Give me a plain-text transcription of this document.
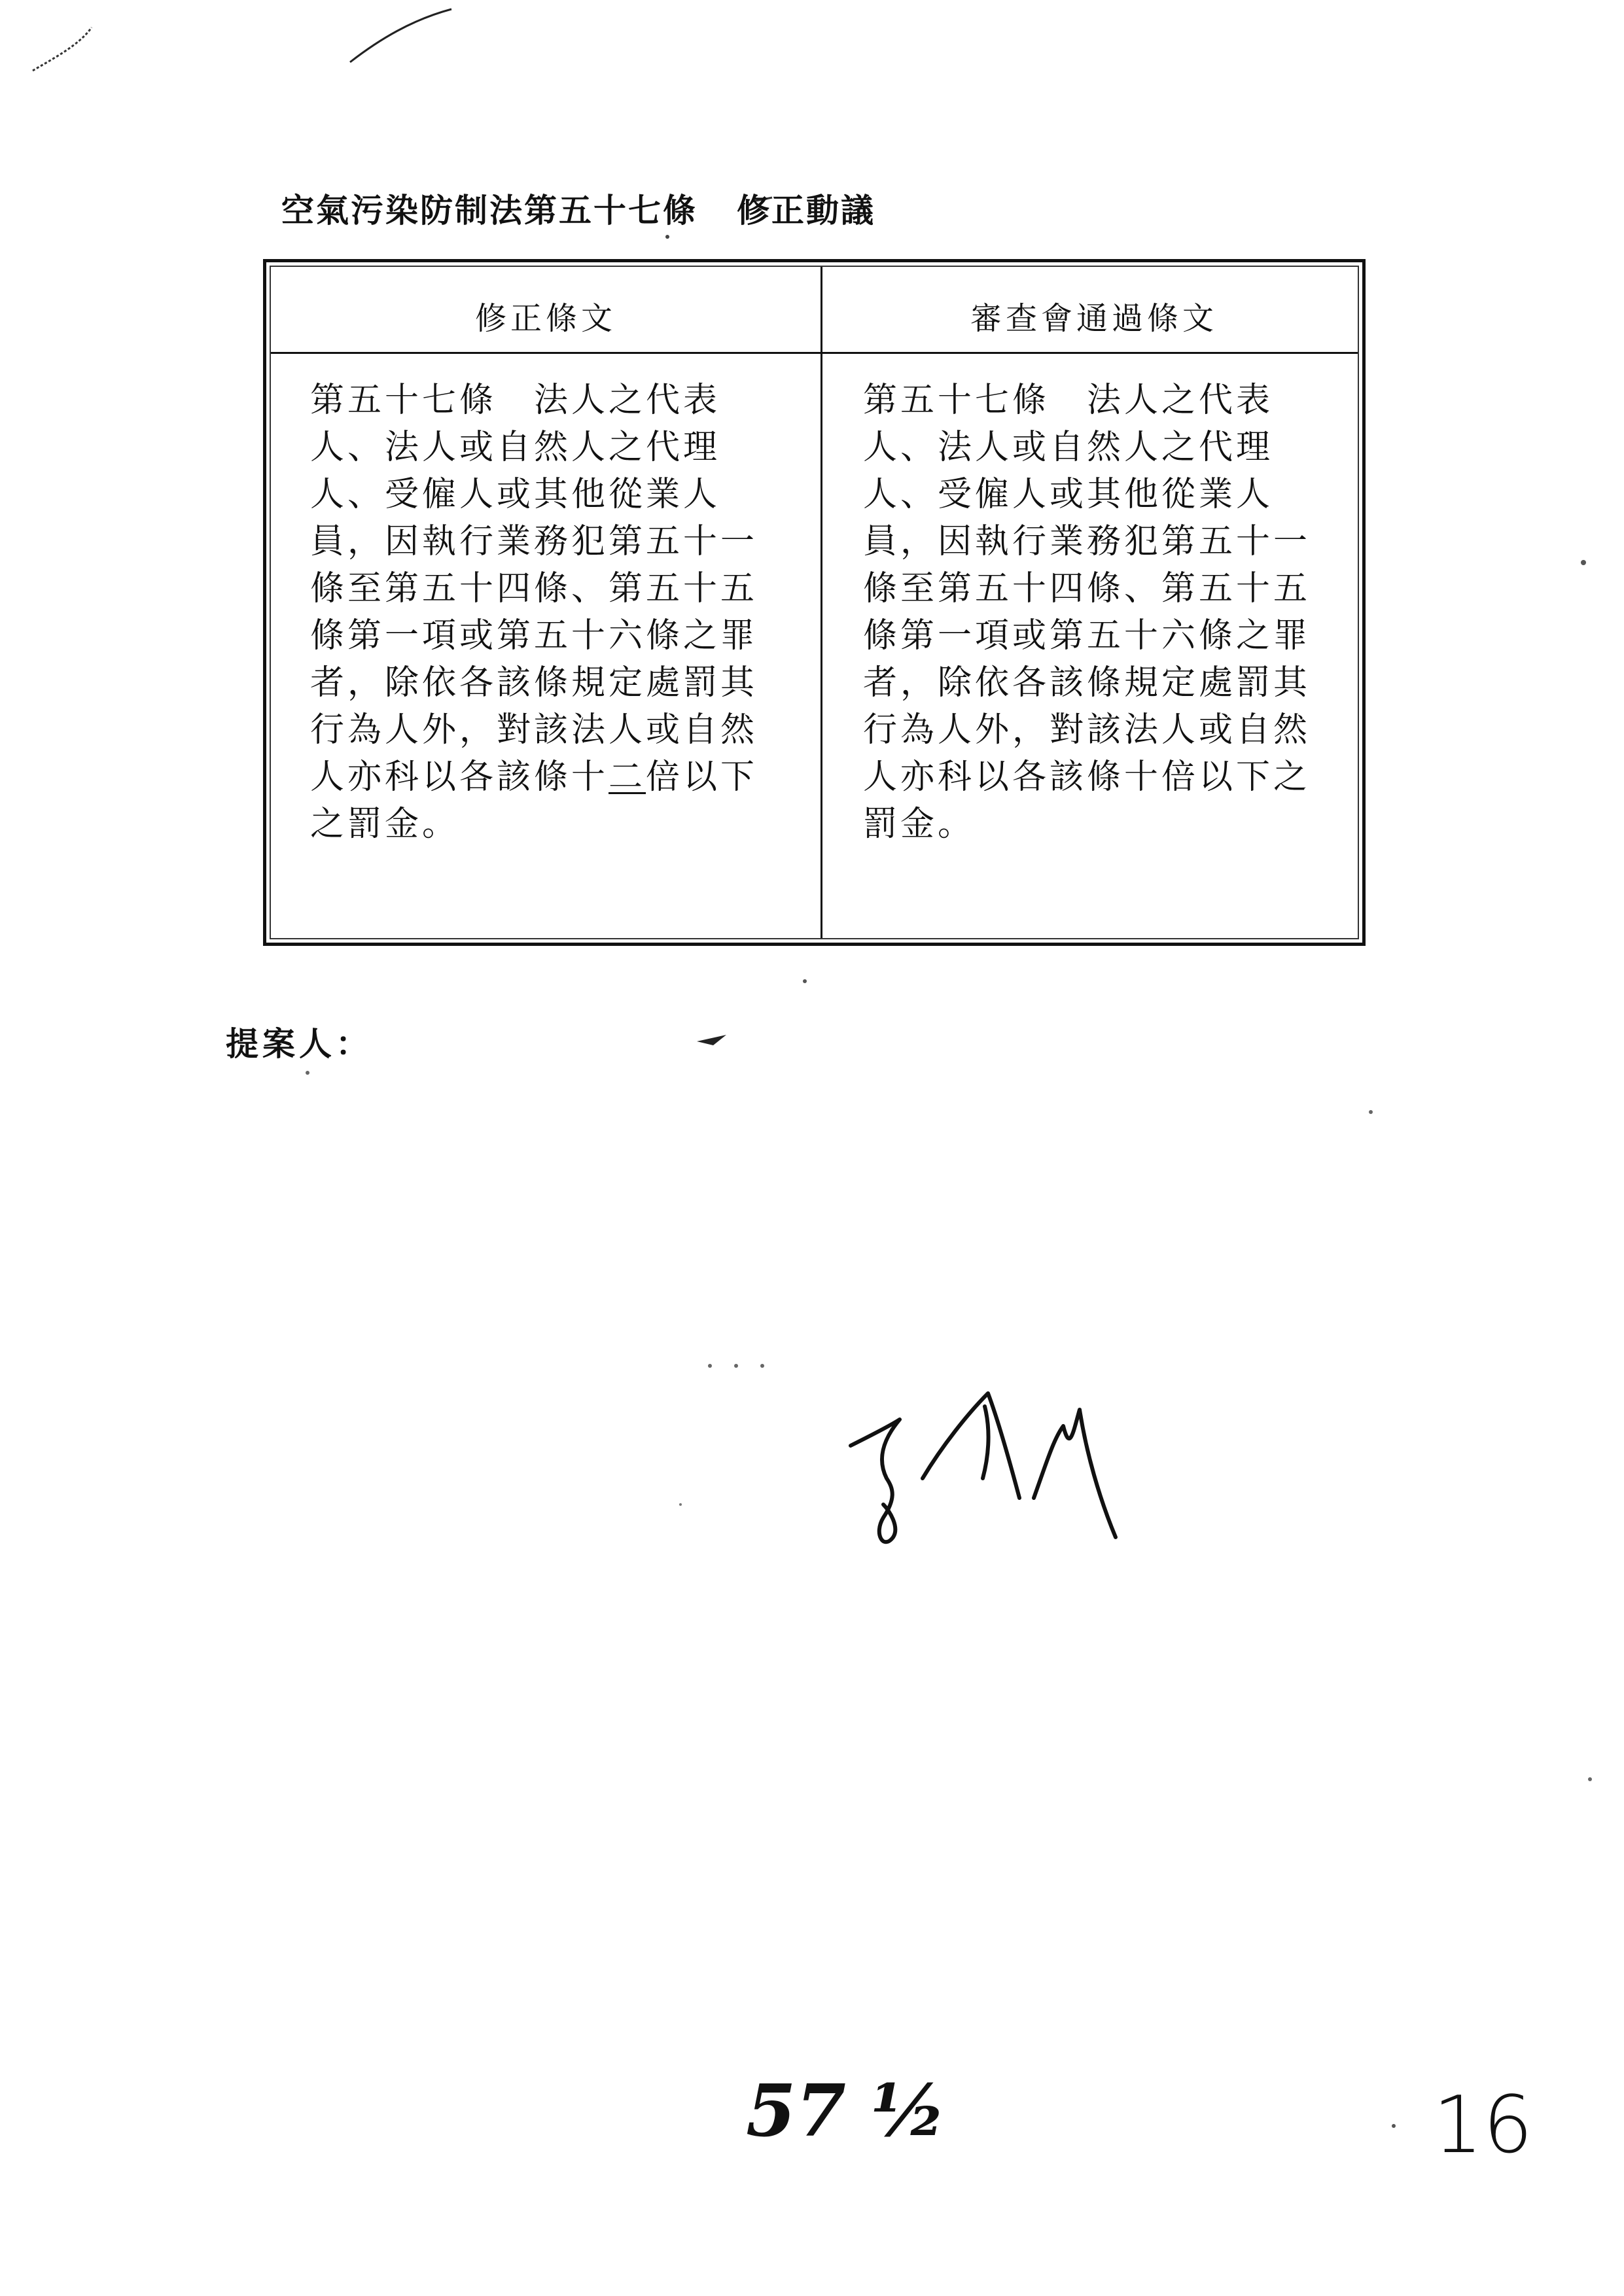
空氣污染防制法第五十七條 修正動議
修正條文	審查會通過條文
第五十七條　法人之代表
人、法人或自然人之代理
人、受僱人或其他從業人
員，因執行業務犯第五十一
條至第五十四條、第五十五
條第一項或第五十六條之罪
者，除依各該條規定處罰其
行為人外，對該法人或自然
人亦科以各該條十二倍以下
之罰金。
第五十七條　法人之代表
人、法人或自然人之代理
人、受僱人或其他從業人
員，因執行業務犯第五十一
條至第五十四條、第五十五
條第一項或第五十六條之罪
者，除依各該條規定處罰其
行為人外，對該法人或自然
人亦科以各該條十倍以下之
罰金。
提案人：
57 ½	16
